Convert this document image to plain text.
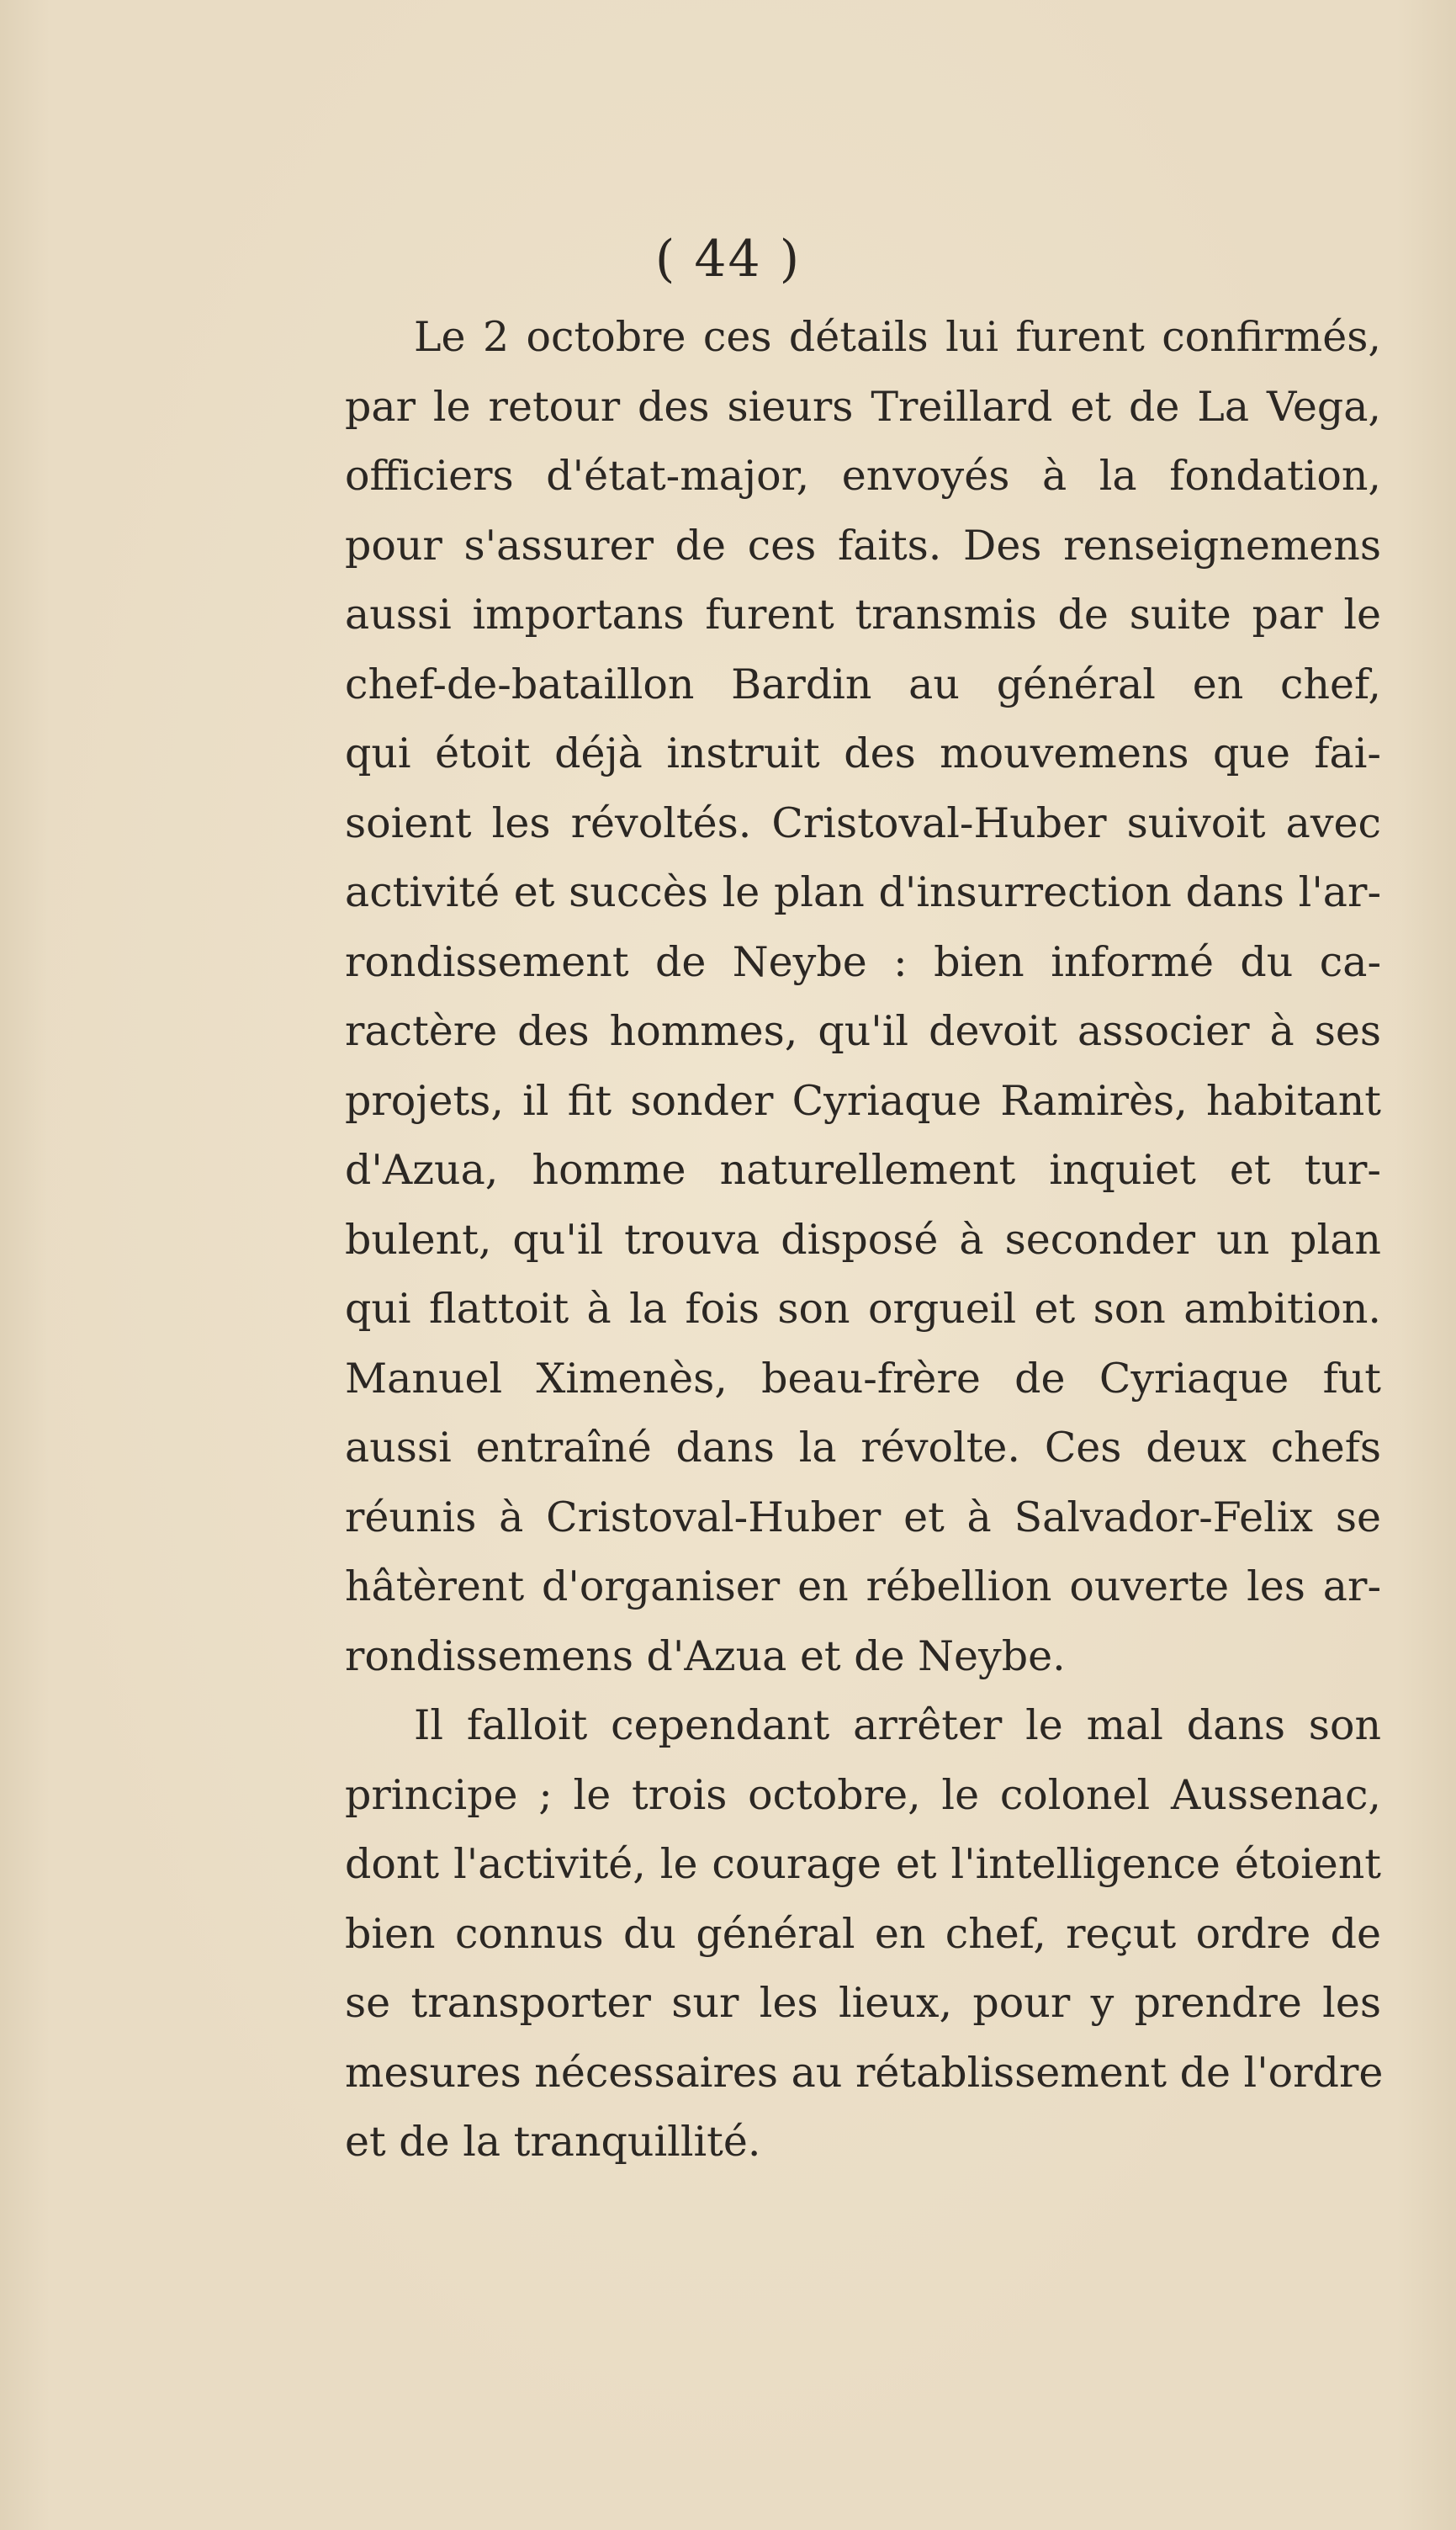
( 44 )
Le 2 octobre ces détails lui furent confirmés,
par le retour des sieurs Treillard et de La Vega,
officiers d'état-major, envoyés à la fondation,
pour s'assurer de ces faits. Des renseignemens
aussi importans furent transmis de suite par le
chef-de-bataillon Bardin au général en chef,
qui étoit déjà instruit des mouvemens que fai-
soient les révoltés. Cristoval-Huber suivoit avec
activité et succès le plan d'insurrection dans l'ar-
rondissement de Neybe : bien informé du ca-
ractère des hommes, qu'il devoit associer à ses
projets, il fit sonder Cyriaque Ramirès, habitant
d'Azua, homme naturellement inquiet et tur-
bulent, qu'il trouva disposé à seconder un plan
qui flattoit à la fois son orgueil et son ambition.
Manuel Ximenès, beau-frère de Cyriaque fut
aussi entraîné dans la révolte. Ces deux chefs
réunis à Cristoval-Huber et à Salvador-Felix se
hâtèrent d'organiser en rébellion ouverte les ar-
rondissemens d'Azua et de Neybe.
Il falloit cependant arrêter le mal dans son
principe ; le trois octobre, le colonel Aussenac,
dont l'activité, le courage et l'intelligence étoient
bien connus du général en chef, reçut ordre de
se transporter sur les lieux, pour y prendre les
mesures nécessaires au rétablissement de l'ordre
et de la tranquillité.
